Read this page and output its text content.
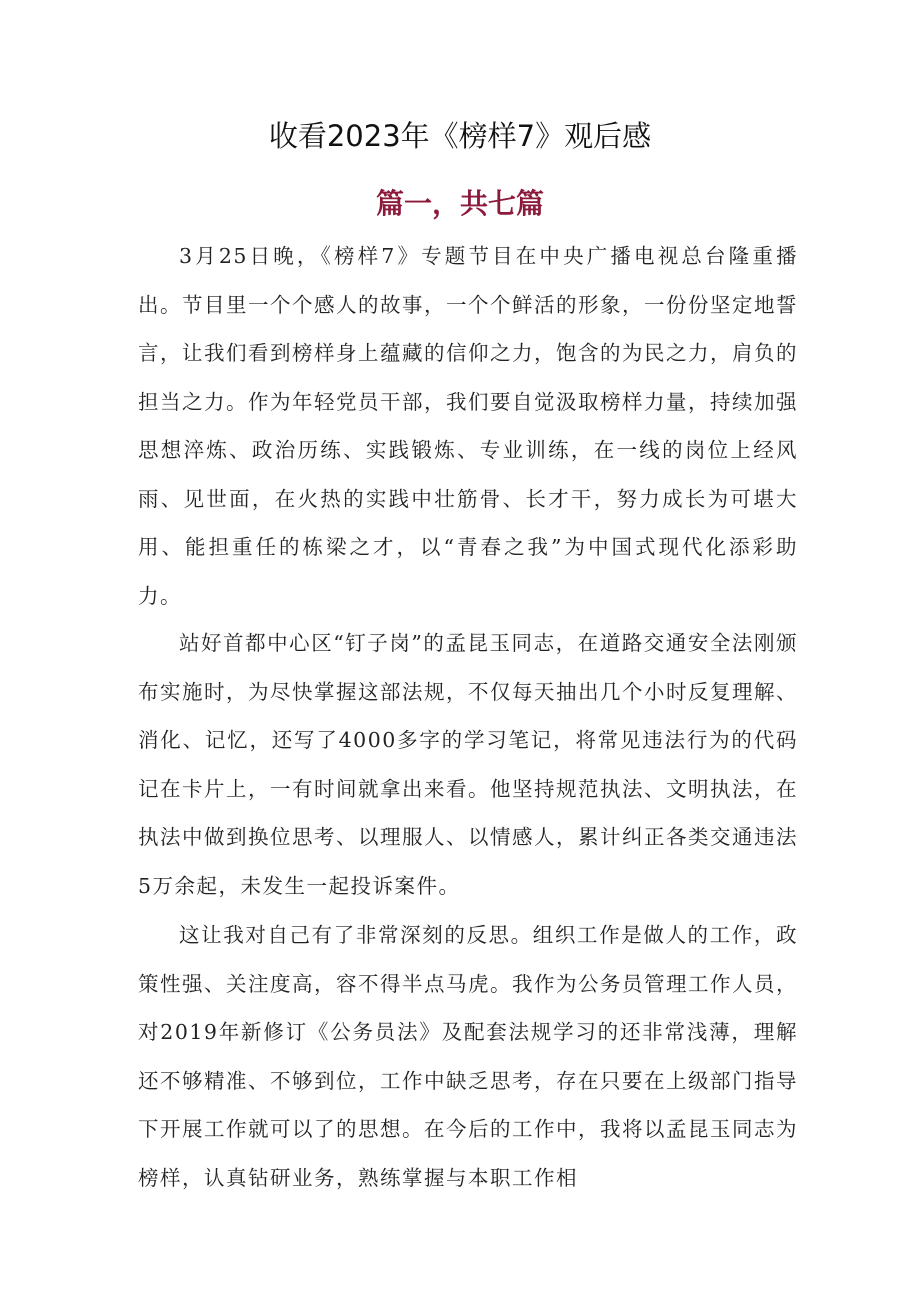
收看2023年《榜样7》观后感
篇一，共七篇

3月25日晚，《榜样7》专题节目在中央广播电视总台隆重播出。节目里一个个感人的故事，一个个鲜活的形象，一份份坚定地誓言，让我们看到榜样身上蕴藏的信仰之力，饱含的为民之力，肩负的担当之力。作为年轻党员干部，我们要自觉汲取榜样力量，持续加强思想淬炼、政治历练、实践锻炼、专业训练，在一线的岗位上经风雨、见世面，在火热的实践中壮筋骨、长才干，努力成长为可堪大用、能担重任的栋梁之才，以“青春之我”为中国式现代化添彩助力。

站好首都中心区“钉子岗”的孟昆玉同志，在道路交通安全法刚颁布实施时，为尽快掌握这部法规，不仅每天抽出几个小时反复理解、消化、记忆，还写了4000多字的学习笔记，将常见违法行为的代码记在卡片上，一有时间就拿出来看。他坚持规范执法、文明执法，在执法中做到换位思考、以理服人、以情感人，累计纠正各类交通违法5万余起，未发生一起投诉案件。

这让我对自己有了非常深刻的反思。组织工作是做人的工作，政策性强、关注度高，容不得半点马虎。我作为公务员管理工作人员，对2019年新修订《公务员法》及配套法规学习的还非常浅薄，理解还不够精准、不够到位，工作中缺乏思考，存在只要在上级部门指导下开展工作就可以了的思想。在今后的工作中，我将以孟昆玉同志为榜样，认真钻研业务，熟练掌握与本职工作相
